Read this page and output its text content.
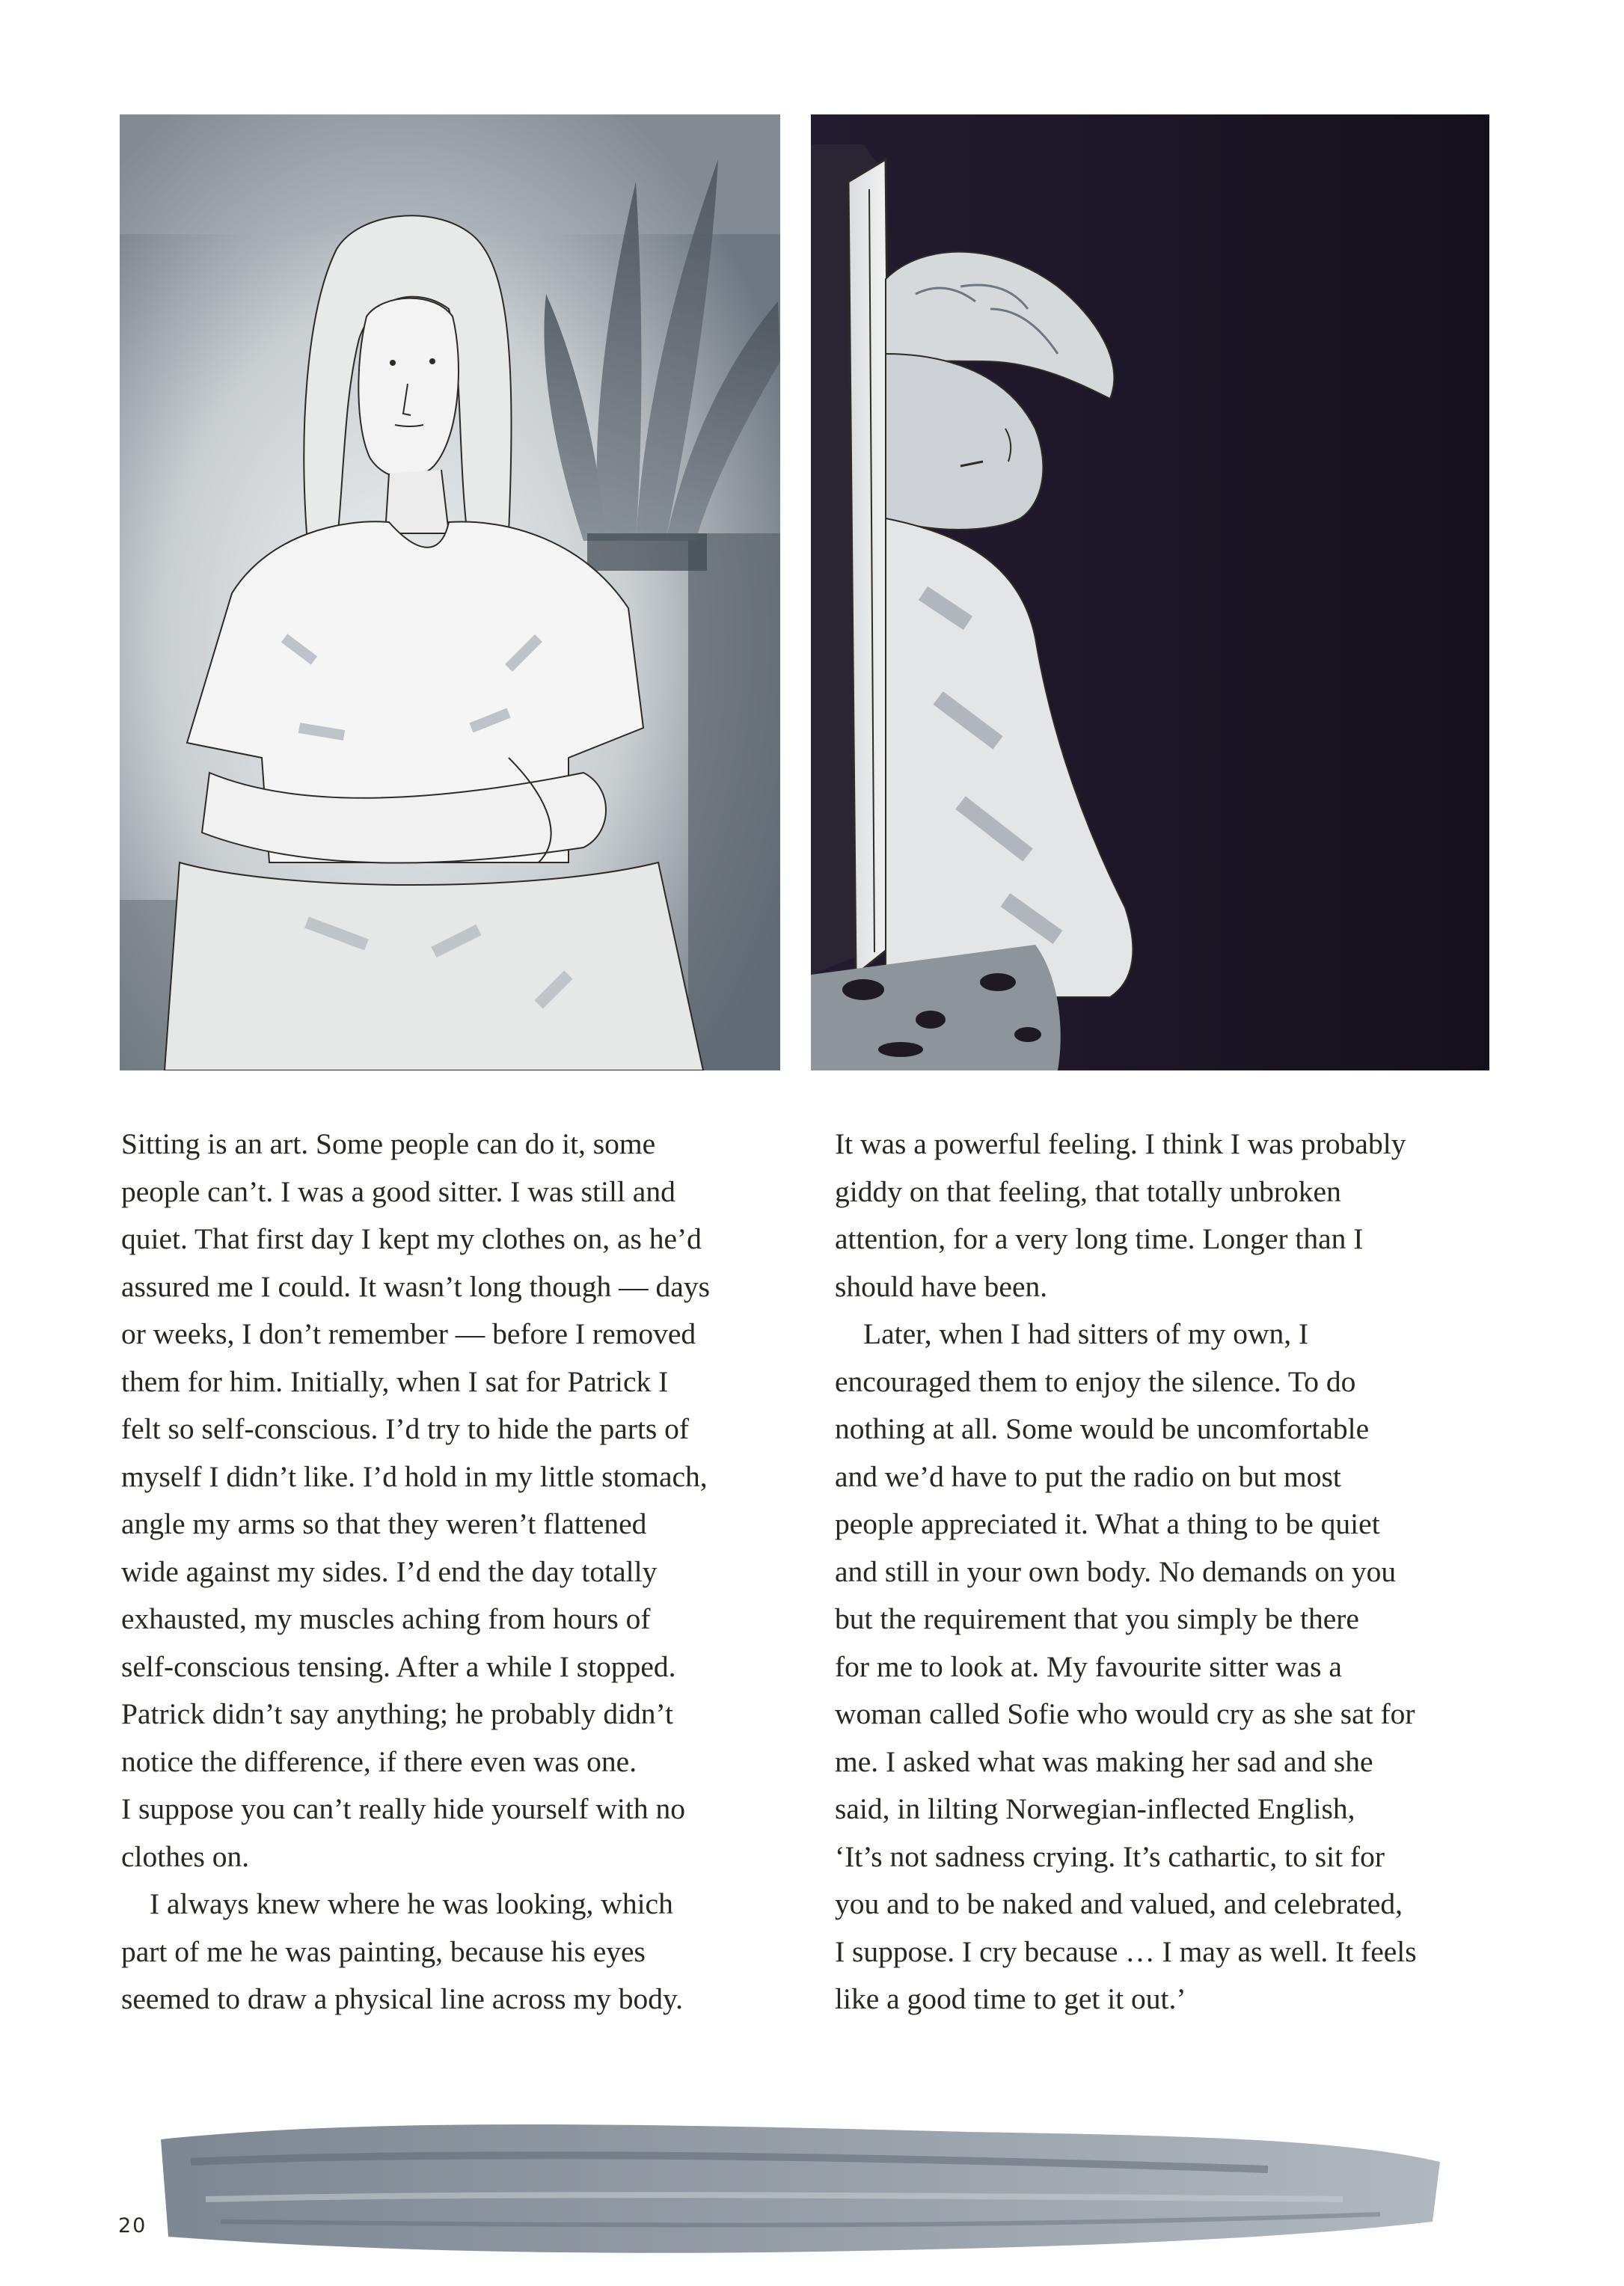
Sitting is an art. Some people can do it, some
people can’t. I was a good sitter. I was still and
quiet. That first day I kept my clothes on, as he’d
assured me I could. It wasn’t long though — days
or weeks, I don’t remember — before I removed
them for him. Initially, when I sat for Patrick I
felt so self-conscious. I’d try to hide the parts of
myself I didn’t like. I’d hold in my little stomach,
angle my arms so that they weren’t flattened
wide against my sides. I’d end the day totally
exhausted, my muscles aching from hours of
self-conscious tensing. After a while I stopped.
Patrick didn’t say anything; he probably didn’t
notice the difference, if there even was one.
I suppose you can’t really hide yourself with no
clothes on.
I always knew where he was looking, which
part of me he was painting, because his eyes
seemed to draw a physical line across my body.
It was a powerful feeling. I think I was probably
giddy on that feeling, that totally unbroken
attention, for a very long time. Longer than I
should have been.
Later, when I had sitters of my own, I
encouraged them to enjoy the silence. To do
nothing at all. Some would be uncomfortable
and we’d have to put the radio on but most
people appreciated it. What a thing to be quiet
and still in your own body. No demands on you
but the requirement that you simply be there
for me to look at. My favourite sitter was a
woman called Sofie who would cry as she sat for
me. I asked what was making her sad and she
said, in lilting Norwegian-inflected English,
‘It’s not sadness crying. It’s cathartic, to sit for
you and to be naked and valued, and celebrated,
I suppose. I cry because … I may as well. It feels
like a good time to get it out.’
20
